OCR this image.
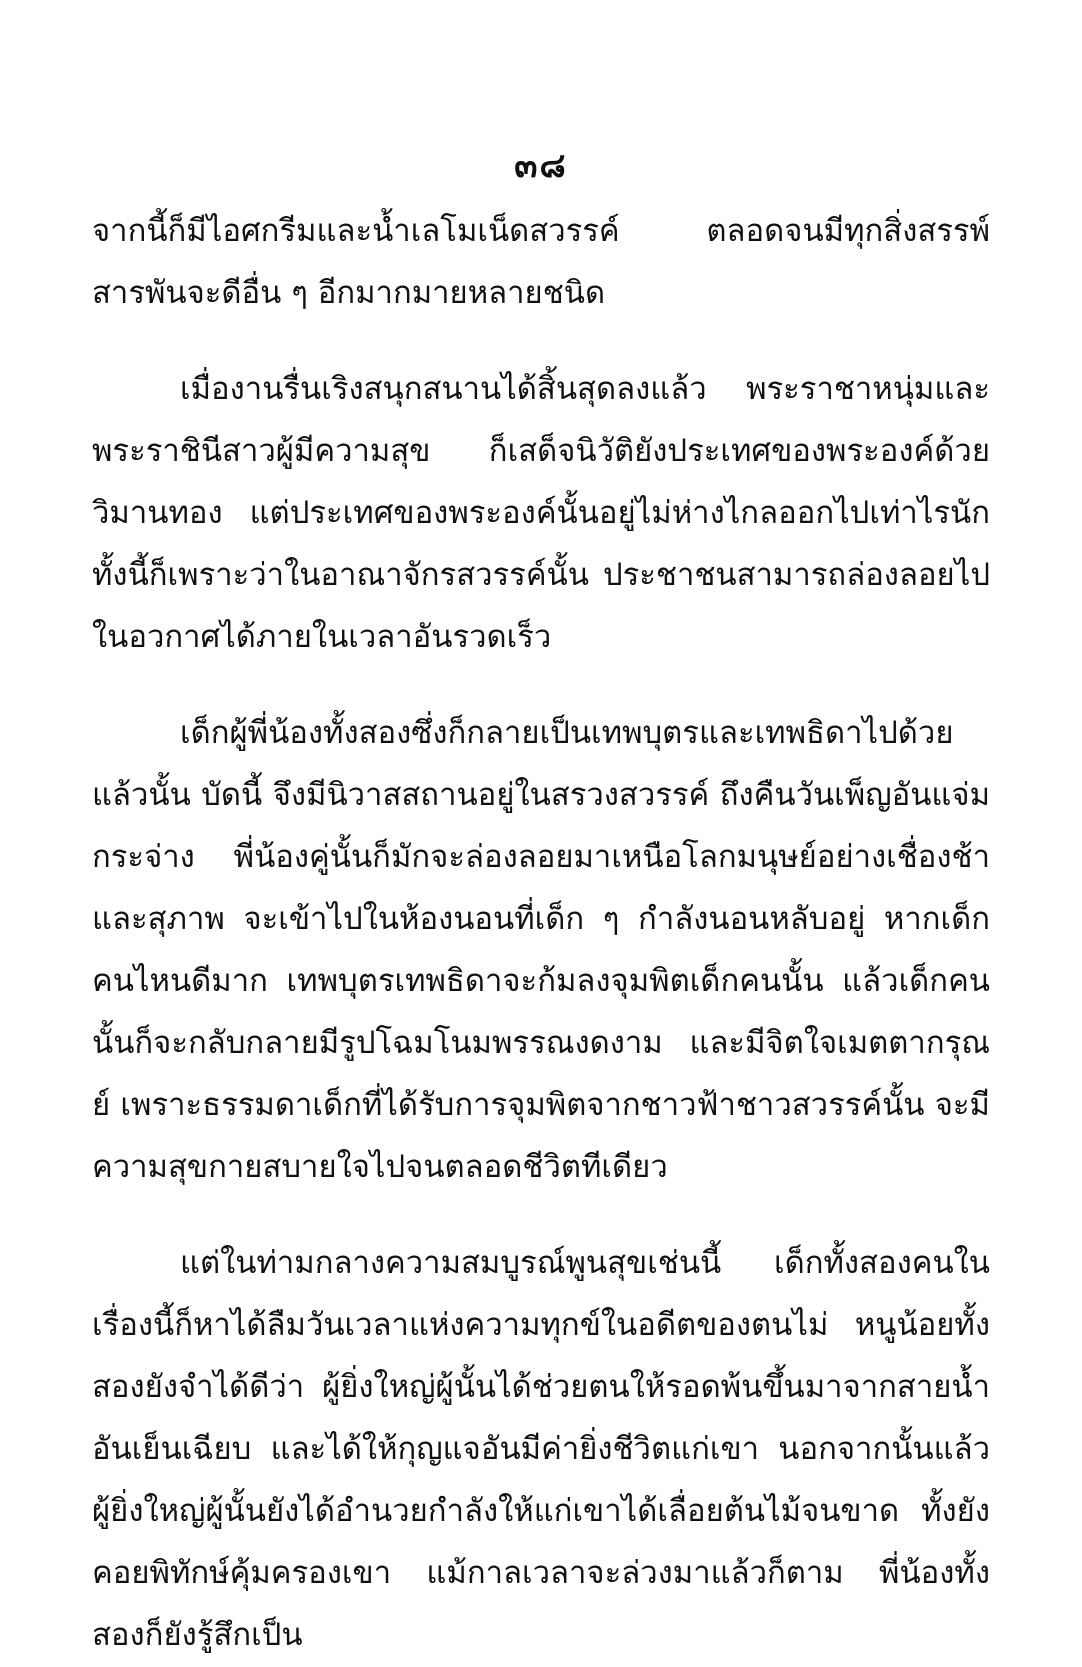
๓๘

จากนี้ก็มีไอศกรีมและน้ำเลโมเน็ดสวรรค์ ตลอดจนมีทุกสิ่งสรรพ์สารพันจะดีอื่น ๆ อีกมากมายหลายชนิด

เมื่องานรื่นเริงสนุกสนานได้สิ้นสุดลงแล้ว พระราชาหนุ่มและพระราชินีสาวผู้มีความสุข ก็เสด็จนิวัติยังประเทศของพระองค์ด้วยวิมานทอง แต่ประเทศของพระองค์นั้นอยู่ไม่ห่างไกลออกไปเท่าไรนัก ทั้งนี้ก็เพราะว่าในอาณาจักรสวรรค์นั้น ประชาชนสามารถล่องลอยไปในอวกาศได้ภายในเวลาอันรวดเร็ว

เด็กผู้พี่น้องทั้งสองซึ่งก็กลายเป็นเทพบุตรและเทพธิดาไปด้วยแล้วนั้น บัดนี้ จึงมีนิวาสสถานอยู่ในสรวงสวรรค์ ถึงคืนวันเพ็ญอันแจ่มกระจ่าง พี่น้องคู่นั้นก็มักจะล่องลอยมาเหนือโลกมนุษย์อย่างเชื่องช้าและสุภาพ จะเข้าไปในห้องนอนที่เด็ก ๆ กำลังนอนหลับอยู่ หากเด็กคนไหนดีมาก เทพบุตรเทพธิดาจะก้มลงจุมพิตเด็กคนนั้น แล้วเด็กคนนั้นก็จะกลับกลายมีรูปโฉมโนมพรรณงดงาม และมีจิตใจเมตตากรุณย์ เพราะธรรมดาเด็กที่ได้รับการจุมพิตจากชาวฟ้าชาวสวรรค์นั้น จะมีความสุขกายสบายใจไปจนตลอดชีวิตทีเดียว

แต่ในท่ามกลางความสมบูรณ์พูนสุขเช่นนี้ เด็กทั้งสองคนในเรื่องนี้ก็หาได้ลืมวันเวลาแห่งความทุกข์ในอดีตของตนไม่ หนูน้อยทั้งสองยังจำได้ดีว่า ผู้ยิ่งใหญ่ผู้นั้นได้ช่วยตนให้รอดพ้นขึ้นมาจากสายน้ำอันเย็นเฉียบ และได้ให้กุญแจอันมีค่ายิ่งชีวิตแก่เขา นอกจากนั้นแล้ว ผู้ยิ่งใหญ่ผู้นั้นยังได้อำนวยกำลังให้แก่เขาได้เลื่อยต้นไม้จนขาด ทั้งยังคอยพิทักษ์คุ้มครองเขา แม้กาลเวลาจะล่วงมาแล้วก็ตาม พี่น้องทั้งสองก็ยังรู้สึกเป็น
